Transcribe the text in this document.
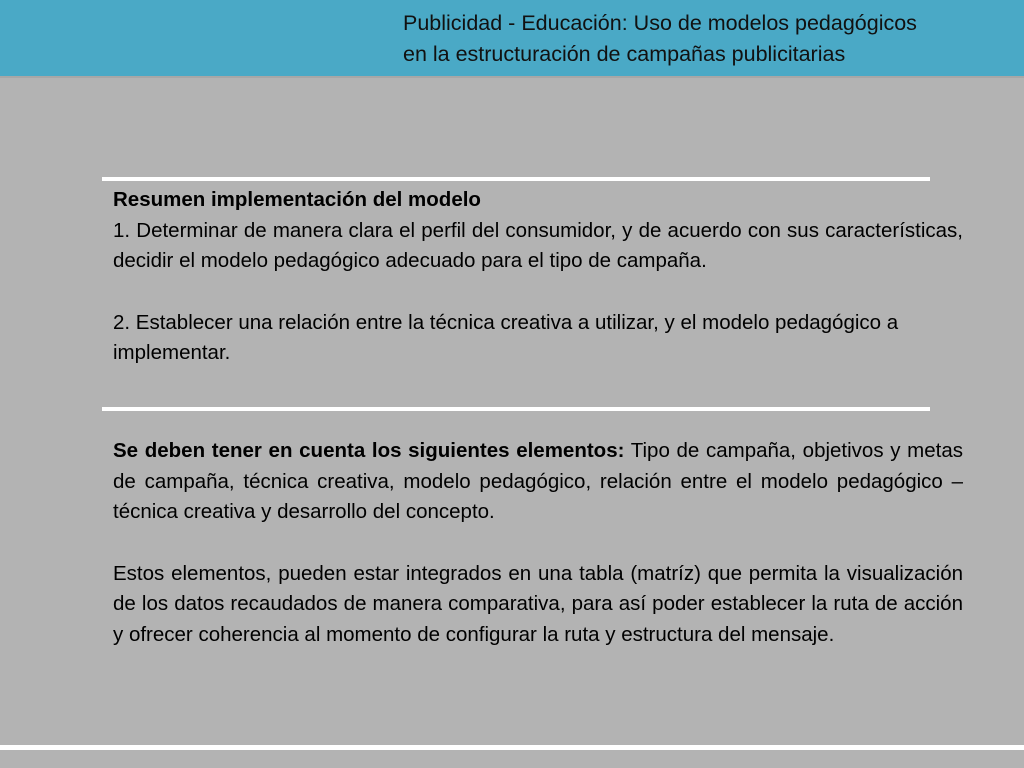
Publicidad - Educación: Uso de modelos pedagógicos
en la estructuración de campañas publicitarias
Resumen implementación del modelo

1. Determinar de manera clara el perfil del consumidor, y de acuerdo con sus características, decidir el modelo pedagógico adecuado para el tipo de campaña.

2. Establecer una relación entre la técnica creativa a utilizar, y el modelo pedagógico a implementar.

Se deben tener en cuenta los siguientes elementos: Tipo de campaña, objetivos y metas de campaña, técnica creativa, modelo pedagógico, relación entre el modelo pedagógico – técnica creativa y desarrollo del concepto.

Estos elementos, pueden estar integrados en una tabla (matríz) que permita la visualización de los datos recaudados de manera comparativa, para así poder establecer la ruta de acción y ofrecer coherencia al momento de configurar la ruta y estructura del mensaje.
